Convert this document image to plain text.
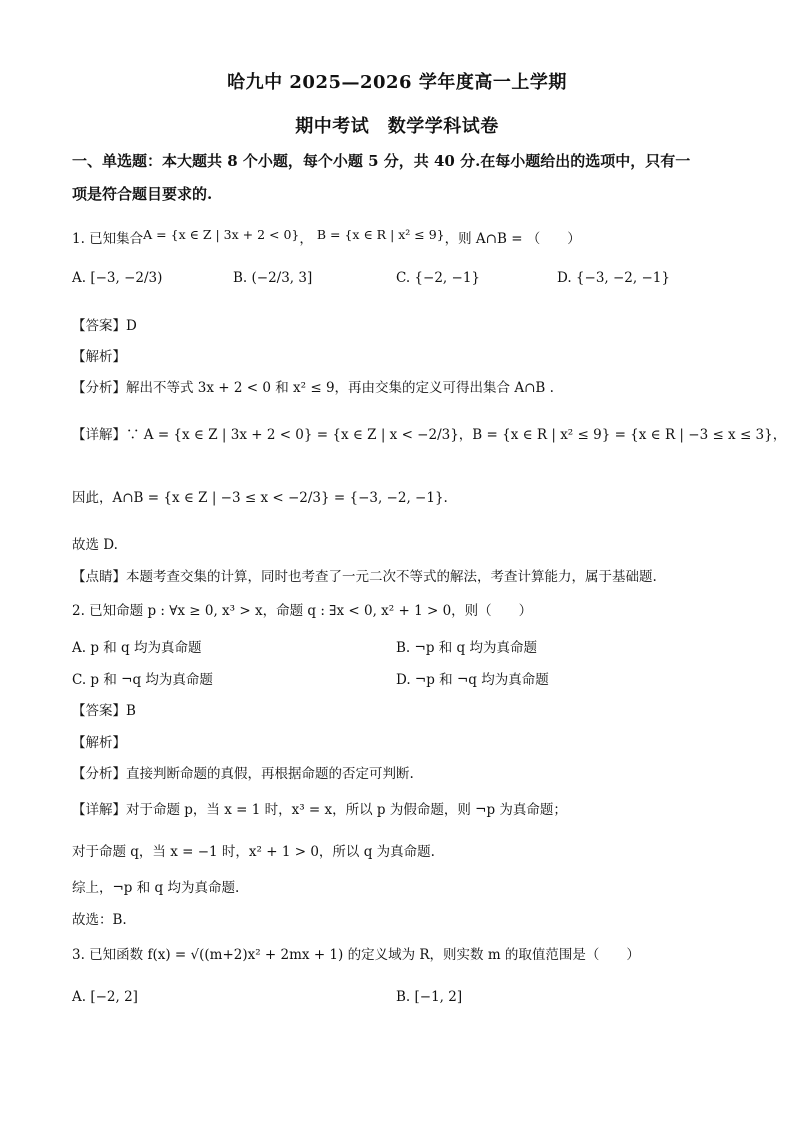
哈九中 2025—2026 学年度高一上学期
期中考试　数学学科试卷
一、单选题：本大题共 8 个小题，每个小题 5 分，共 40 分.在每小题给出的选项中，只有一
项是符合题目要求的.
1. 已知集合A = {x ∈ Z | 3x + 2 < 0}， B = {x ∈ R | x² ≤ 9}，则 A∩B = （　　）
A. [−3, −2/3)	B. (−2/3, 3]	C. {−2, −1}	D. {−3, −2, −1}
【答案】D
【解析】
【分析】解出不等式 3x + 2 < 0 和 x² ≤ 9，再由交集的定义可得出集合 A∩B .
【详解】∵ A = {x ∈ Z | 3x + 2 < 0} = {x ∈ Z | x < −2/3}，B = {x ∈ R | x² ≤ 9} = {x ∈ R | −3 ≤ x ≤ 3}，
因此，A∩B = {x ∈ Z | −3 ≤ x < −2/3} = {−3, −2, −1}.
故选 D.
【点睛】本题考查交集的计算，同时也考查了一元二次不等式的解法，考查计算能力，属于基础题.
2. 已知命题 p : ∀x ≥ 0, x³ > x，命题 q : ∃x < 0, x² + 1 > 0，则（　　）
A. p 和 q 均为真命题	B. ¬p 和 q 均为真命题
C. p 和 ¬q 均为真命题	D. ¬p 和 ¬q 均为真命题
【答案】B
【解析】
【分析】直接判断命题的真假，再根据命题的否定可判断.
【详解】对于命题 p，当 x = 1 时，x³ = x，所以 p 为假命题，则 ¬p 为真命题；
对于命题 q，当 x = −1 时，x² + 1 > 0，所以 q 为真命题.
综上，¬p 和 q 均为真命题.
故选：B.
3. 已知函数 f(x) = √((m+2)x² + 2mx + 1) 的定义域为 R，则实数 m 的取值范围是（　　）
A. [−2, 2]	B. [−1, 2]
